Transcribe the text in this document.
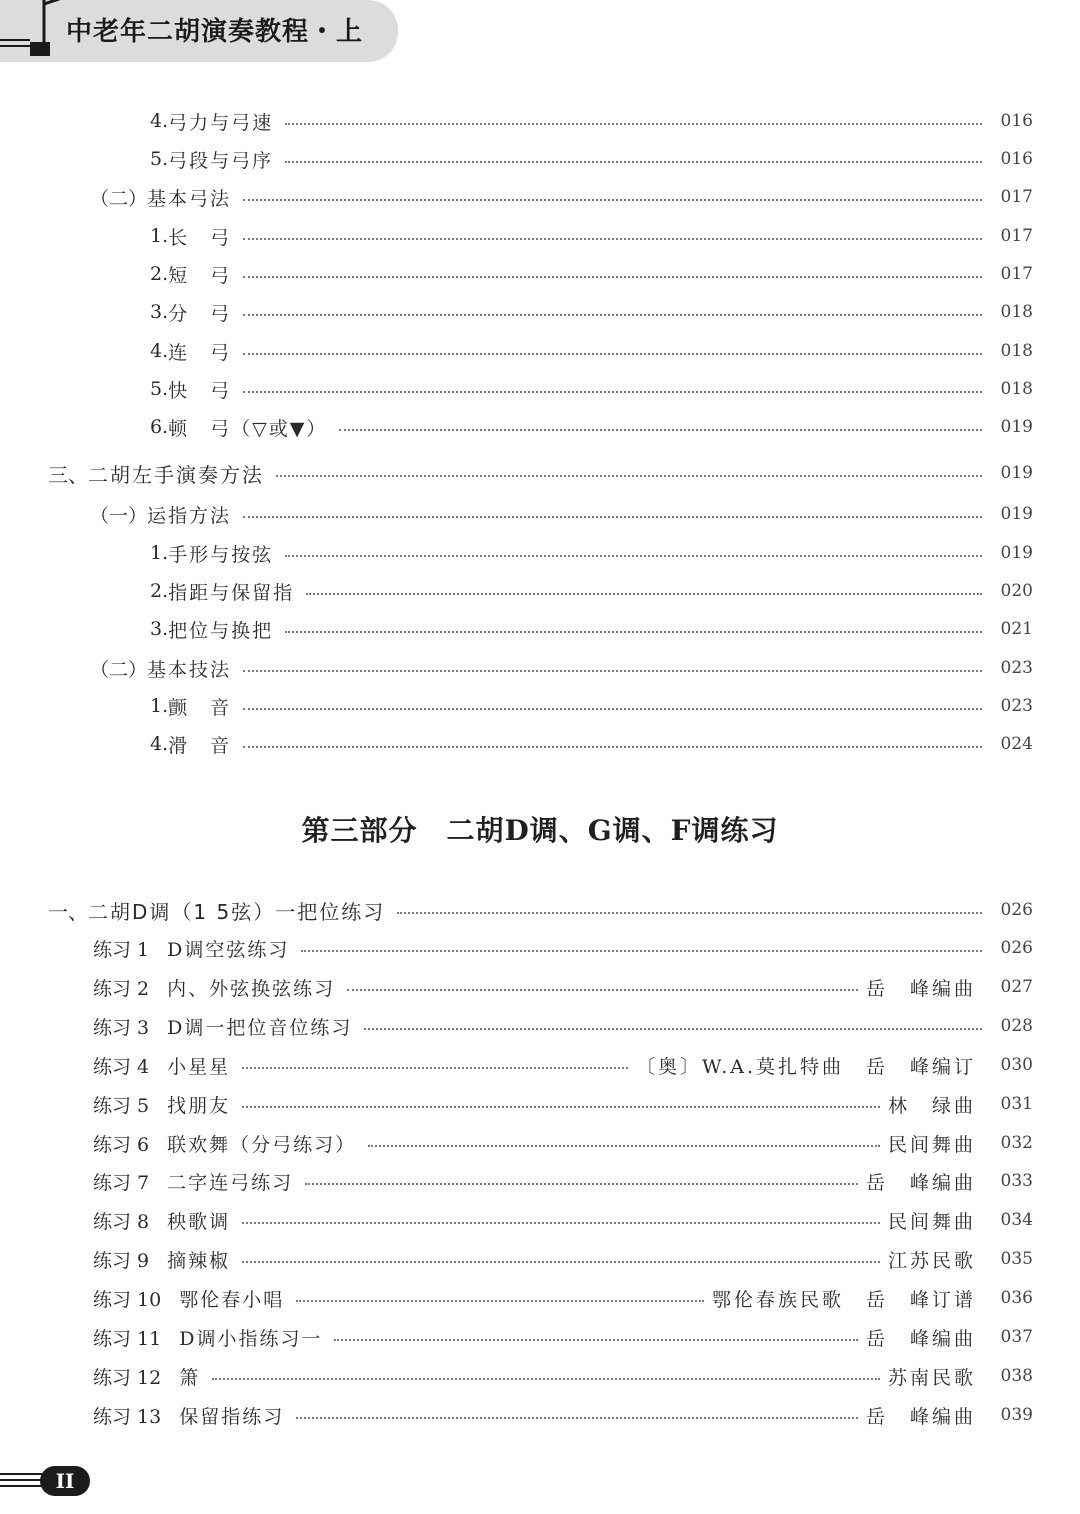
中老年二胡演奏教程・上
4. 弓力与弓速	016
5. 弓段与弓序	016
（二） 基本弓法	017
1. 长　弓	017
2. 短　弓	017
3. 分　弓	018
4. 连　弓	018
5. 快　弓	018
6. 顿　弓（▽或▼）	019
三、 二胡左手演奏方法	019
（一） 运指方法	019
1. 手形与按弦	019
2. 指距与保留指	020
3. 把位与换把	021
（二） 基本技法	023
1. 颤　音	023
4. 滑　音	024
第三部分　二胡D调、G调、F调练习
一、 二胡D调（1 5弦）一把位练习	026
练习 1 D调空弦练习	026
练习 2 内、外弦换弦练习	岳　峰编曲 027
练习 3 D调一把位音位练习	028
练习 4 小星星	〔奥〕W.A.莫扎特曲　岳　峰编订 030
练习 5 找朋友	林　绿曲 031
练习 6 联欢舞（分弓练习）	民间舞曲 032
练习 7 二字连弓练习	岳　峰编曲 033
练习 8 秧歌调	民间舞曲 034
练习 9 摘辣椒	江苏民歌 035
练习 10 鄂伦春小唱	鄂伦春族民歌　岳　峰订谱 036
练习 11 D调小指练习一	岳　峰编曲 037
练习 12 箫	苏南民歌 038
练习 13 保留指练习	岳　峰编曲 039
II
